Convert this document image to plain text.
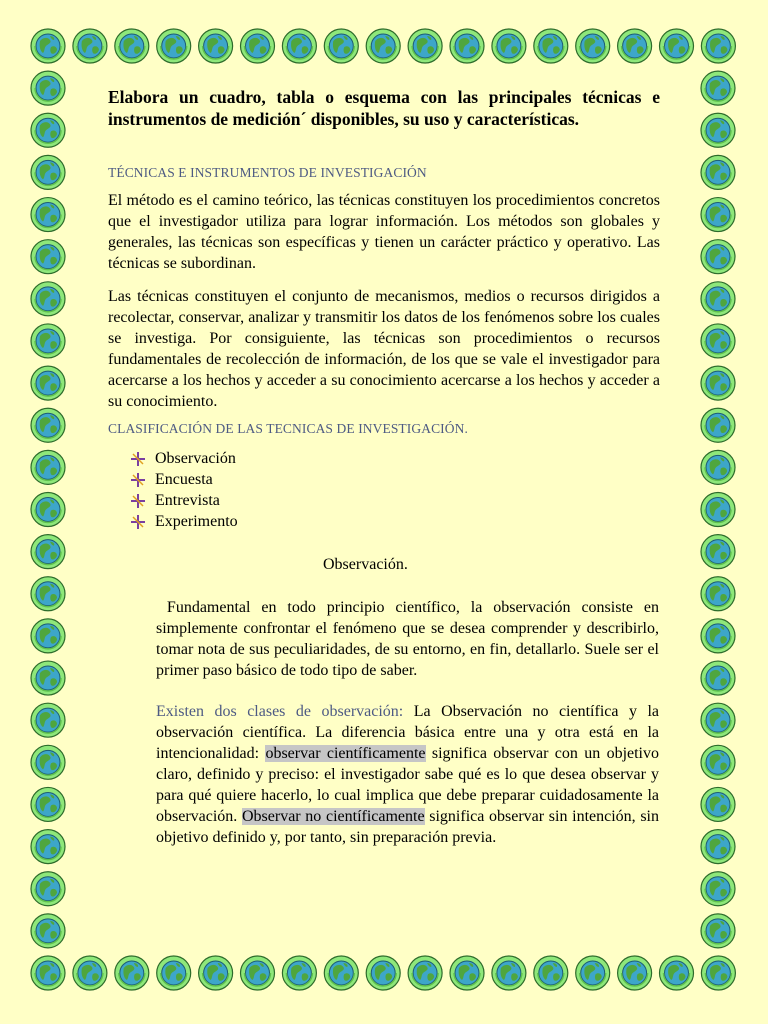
Elabora un cuadro, tabla o esquema con las principales técnicas e instrumentos de medición´ disponibles, su uso y características.
TÉCNICAS E INSTRUMENTOS DE INVESTIGACIÓN

El método es el camino teórico, las técnicas constituyen los procedimientos concretos que el investigador utiliza para lograr información. Los métodos son globales y generales, las técnicas son específicas y tienen un carácter práctico y operativo. Las técnicas se subordinan.

Las técnicas constituyen el conjunto de mecanismos, medios o recursos dirigidos a recolectar, conservar, analizar y transmitir los datos de los fenómenos sobre los cuales se investiga. Por consiguiente, las técnicas son procedimientos o recursos fundamentales de recolección de información, de los que se vale el investigador para acercarse a los hechos y acceder a su conocimiento acercarse a los hechos y acceder a su conocimiento.

CLASIFICACIÓN DE LAS TECNICAS DE INVESTIGACIÓN.
Observación
Encuesta
Entrevista
Experimento
Observación.

Fundamental en todo principio científico, la observación consiste en simplemente confrontar el fenómeno que se desea comprender y describirlo, tomar nota de sus peculiaridades, de su entorno, en fin, detallarlo. Suele ser el primer paso básico de todo tipo de saber.

Existen dos clases de observación: La Observación no científica y la observación científica. La diferencia básica entre una y otra está en la intencionalidad: observar científicamente significa observar con un objetivo claro, definido y preciso: el investigador sabe qué es lo que desea observar y para qué quiere hacerlo, lo cual implica que debe preparar cuidadosamente la observación. Observar no científicamente significa observar sin intención, sin objetivo definido y, por tanto, sin preparación previa.
